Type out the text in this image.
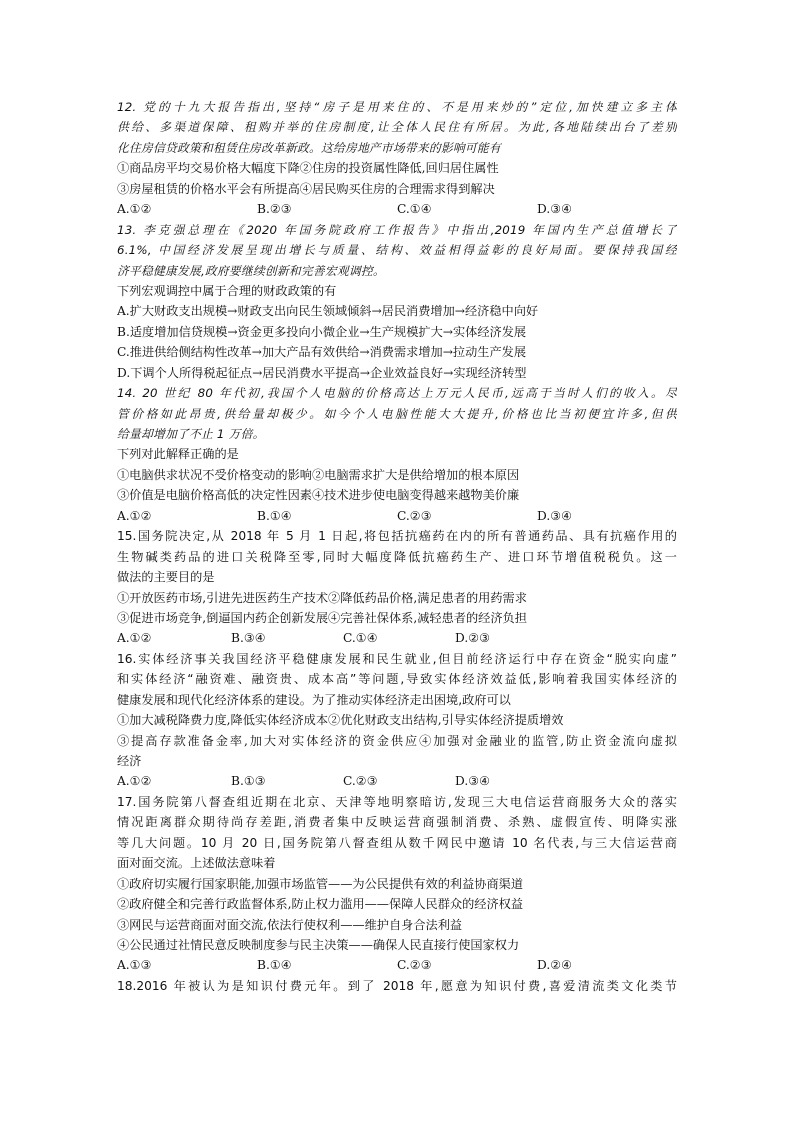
12. 党的十九大报告指出,坚持“房子是用来住的、不是用来炒的”定位,加快建立多主体
供给、多渠道保障、租购并举的住房制度,让全体人民住有所居。为此,各地陆续出台了差别
化住房信贷政策和租赁住房改革新政。这给房地产市场带来的影响可能有
①商品房平均交易价格大幅度下降②住房的投资属性降低,回归居住属性
③房屋租赁的价格水平会有所提高④居民购买住房的合理需求得到解决
A.①②	B.②③	C.①④	D.③④
13. 李克强总理在《2020 年国务院政府工作报告》中指出,2019 年国内生产总值增长了
6.1%, 中国经济发展呈现出增长与质量、结构、效益相得益彰的良好局面。要保持我国经
济平稳健康发展,政府要继续创新和完善宏观调控。
下列宏观调控中属于合理的财政政策的有
A.扩大财政支出规模→财政支出向民生领域倾斜→居民消费增加→经济稳中向好
B.适度增加信贷规模→资金更多投向小微企业→生产规模扩大→实体经济发展
C.推进供给侧结构性改革→加大产品有效供给→消费需求增加→拉动生产发展
D.下调个人所得税起征点→居民消费水平提高→企业效益良好→实现经济转型
14. 20 世纪 80 年代初,我国个人电脑的价格高达上万元人民币,远高于当时人们的收入。尽
管价格如此昂贵,供给量却极少。如今个人电脑性能大大提升,价格也比当初便宜许多,但供
给量却增加了不止 1 万倍。
下列对此解释正确的是
①电脑供求状况不受价格变动的影响②电脑需求扩大是供给增加的根本原因
③价值是电脑价格高低的决定性因素④技术进步使电脑变得越来越物美价廉
A.①②	B.①④	C.②③	D.③④
15.国务院决定,从 2018 年 5 月 1 日起,将包括抗癌药在内的所有普通药品、具有抗癌作用的
生物碱类药品的进口关税降至零,同时大幅度降低抗癌药生产、进口环节增值税税负。这一
做法的主要目的是
①开放医药市场,引进先进医药生产技术②降低药品价格,满足患者的用药需求
③促进市场竞争,倒逼国内药企创新发展④完善社保体系,减轻患者的经济负担
A.①②	B.③④	C.①④	D.②③
16.实体经济事关我国经济平稳健康发展和民生就业,但目前经济运行中存在资金“脱实向虚”
和实体经济“融资难、融资贵、成本高”等问题,导致实体经济效益低,影响着我国实体经济的
健康发展和现代化经济体系的建设。为了推动实体经济走出困境,政府可以
①加大减税降费力度,降低实体经济成本②优化财政支出结构,引导实体经济提质增效
③提高存款准备金率,加大对实体经济的资金供应④加强对金融业的监管,防止资金流向虚拟
经济
A.①②	B.①③	C.②③	D.③④
17.国务院第八督查组近期在北京、天津等地明察暗访,发现三大电信运营商服务大众的落实
情况距离群众期待尚存差距,消费者集中反映运营商强制消费、杀熟、虚假宣传、明降实涨
等几大问题。10 月 20 日,国务院第八督查组从数千网民中邀请 10 名代表,与三大信运营商
面对面交流。上述做法意味着
①政府切实履行国家职能,加强市场监管——为公民提供有效的利益协商渠道
②政府健全和完善行政监督体系,防止权力滥用——保障人民群众的经济权益
③网民与运营商面对面交流,依法行使权利——维护自身合法利益
④公民通过社情民意反映制度参与民主决策——确保人民直接行使国家权力
A.①③	B.①④	C.②③	D.②④
18.2016 年被认为是知识付费元年。到了 2018 年,愿意为知识付费,喜爱清流类文化类节
